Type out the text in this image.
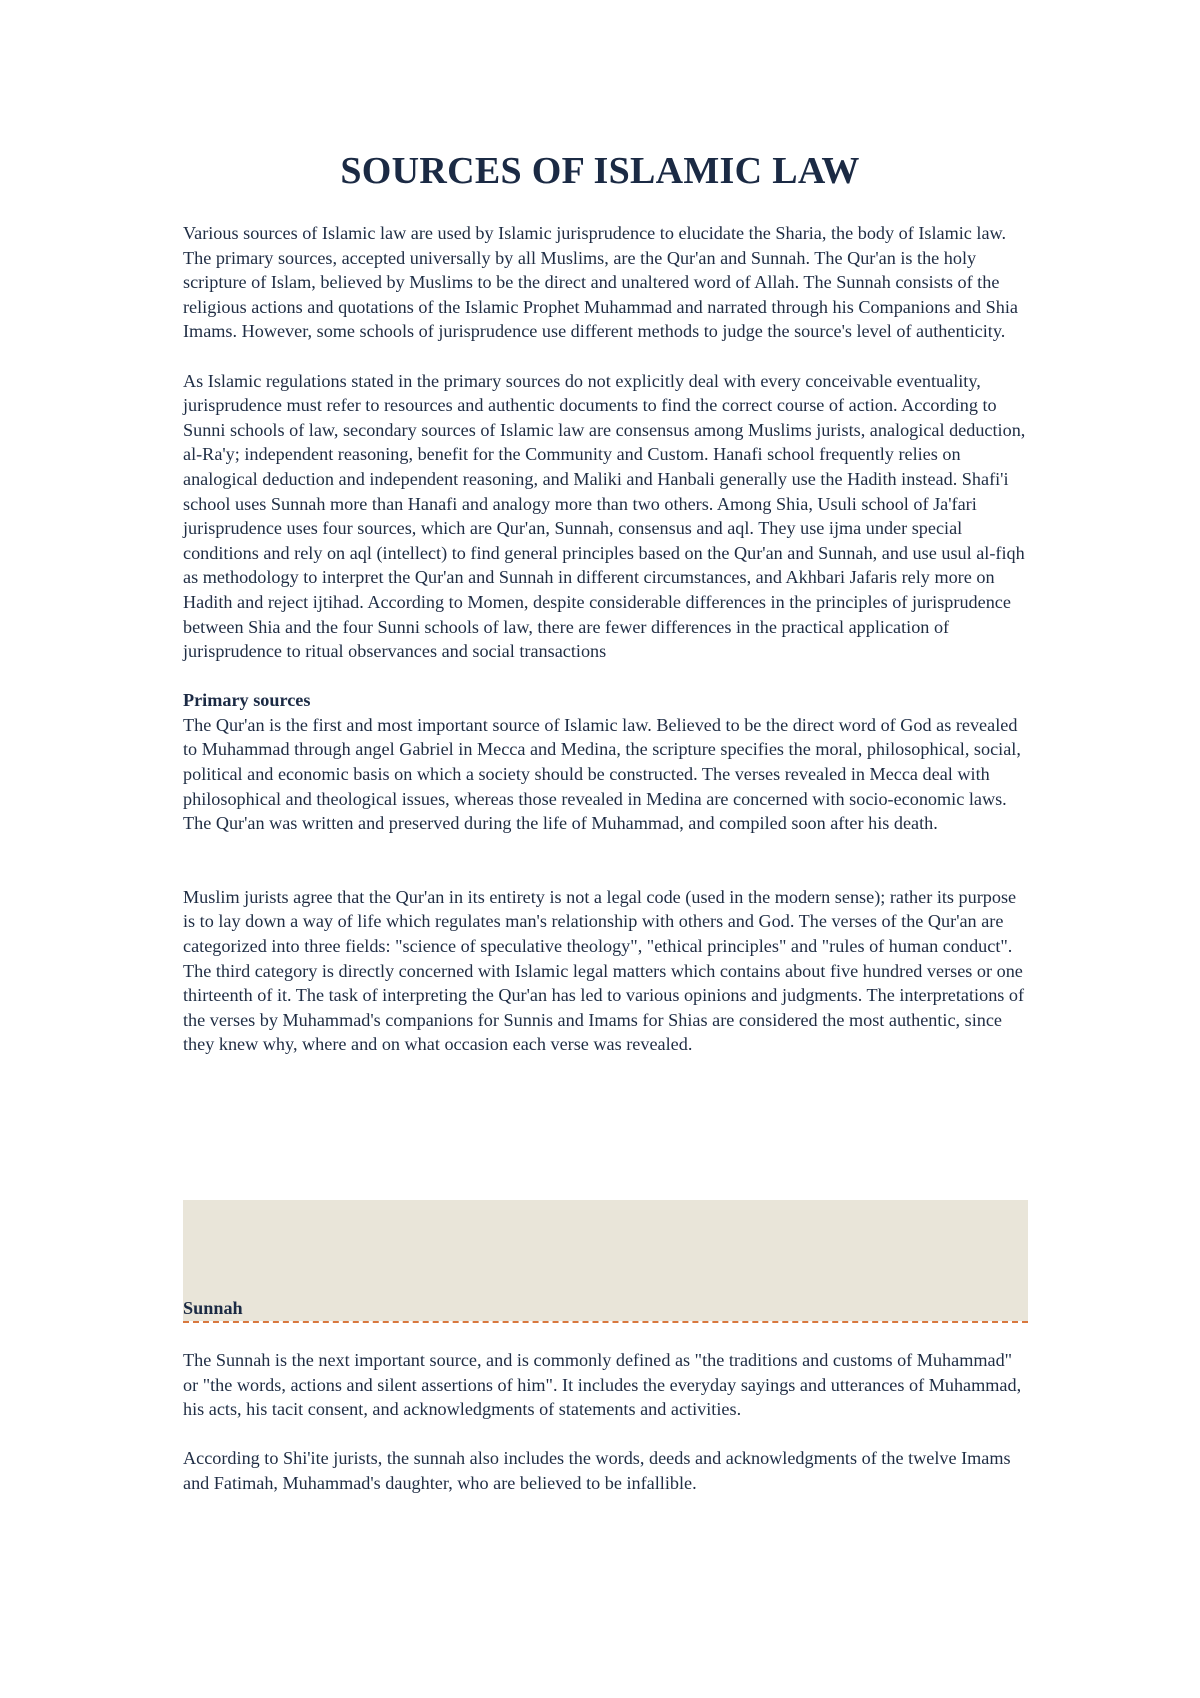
SOURCES OF ISLAMIC LAW

Various sources of Islamic law are used by Islamic jurisprudence to elucidate the Sharia, the body of Islamic law. The primary sources, accepted universally by all Muslims, are the Qur'an and Sunnah. The Qur'an is the holy scripture of Islam, believed by Muslims to be the direct and unaltered word of Allah. The Sunnah consists of the religious actions and quotations of the Islamic Prophet Muhammad and narrated through his Companions and Shia Imams. However, some schools of jurisprudence use different methods to judge the source's level of authenticity.

As Islamic regulations stated in the primary sources do not explicitly deal with every conceivable eventuality, jurisprudence must refer to resources and authentic documents to find the correct course of action. According to Sunni schools of law, secondary sources of Islamic law are consensus among Muslims jurists, analogical deduction, al-Ra'y; independent reasoning, benefit for the Community and Custom. Hanafi school frequently relies on analogical deduction and independent reasoning, and Maliki and Hanbali generally use the Hadith instead. Shafi'i school uses Sunnah more than Hanafi and analogy more than two others. Among Shia, Usuli school of Ja'fari jurisprudence uses four sources, which are Qur'an, Sunnah, consensus and aql. They use ijma under special conditions and rely on aql (intellect) to find general principles based on the Qur'an and Sunnah, and use usul al-fiqh as methodology to interpret the Qur'an and Sunnah in different circumstances, and Akhbari Jafaris rely more on Hadith and reject ijtihad. According to Momen, despite considerable differences in the principles of jurisprudence between Shia and the four Sunni schools of law, there are fewer differences in the practical application of jurisprudence to ritual observances and social transactions

Primary sources

The Qur'an is the first and most important source of Islamic law. Believed to be the direct word of God as revealed to Muhammad through angel Gabriel in Mecca and Medina, the scripture specifies the moral, philosophical, social, political and economic basis on which a society should be constructed. The verses revealed in Mecca deal with philosophical and theological issues, whereas those revealed in Medina are concerned with socio-economic laws. The Qur'an was written and preserved during the life of Muhammad, and compiled soon after his death.

Muslim jurists agree that the Qur'an in its entirety is not a legal code (used in the modern sense); rather its purpose is to lay down a way of life which regulates man's relationship with others and God. The verses of the Qur'an are categorized into three fields: "science of speculative theology", "ethical principles" and "rules of human conduct". The third category is directly concerned with Islamic legal matters which contains about five hundred verses or one thirteenth of it. The task of interpreting the Qur'an has led to various opinions and judgments. The interpretations of the verses by Muhammad's companions for Sunnis and Imams for Shias are considered the most authentic, since they knew why, where and on what occasion each verse was revealed.

Sunnah

The Sunnah is the next important source, and is commonly defined as "the traditions and customs of Muhammad" or "the words, actions and silent assertions of him". It includes the everyday sayings and utterances of Muhammad, his acts, his tacit consent, and acknowledgments of statements and activities.

According to Shi'ite jurists, the sunnah also includes the words, deeds and acknowledgments of the twelve Imams and Fatimah, Muhammad's daughter, who are believed to be infallible.
